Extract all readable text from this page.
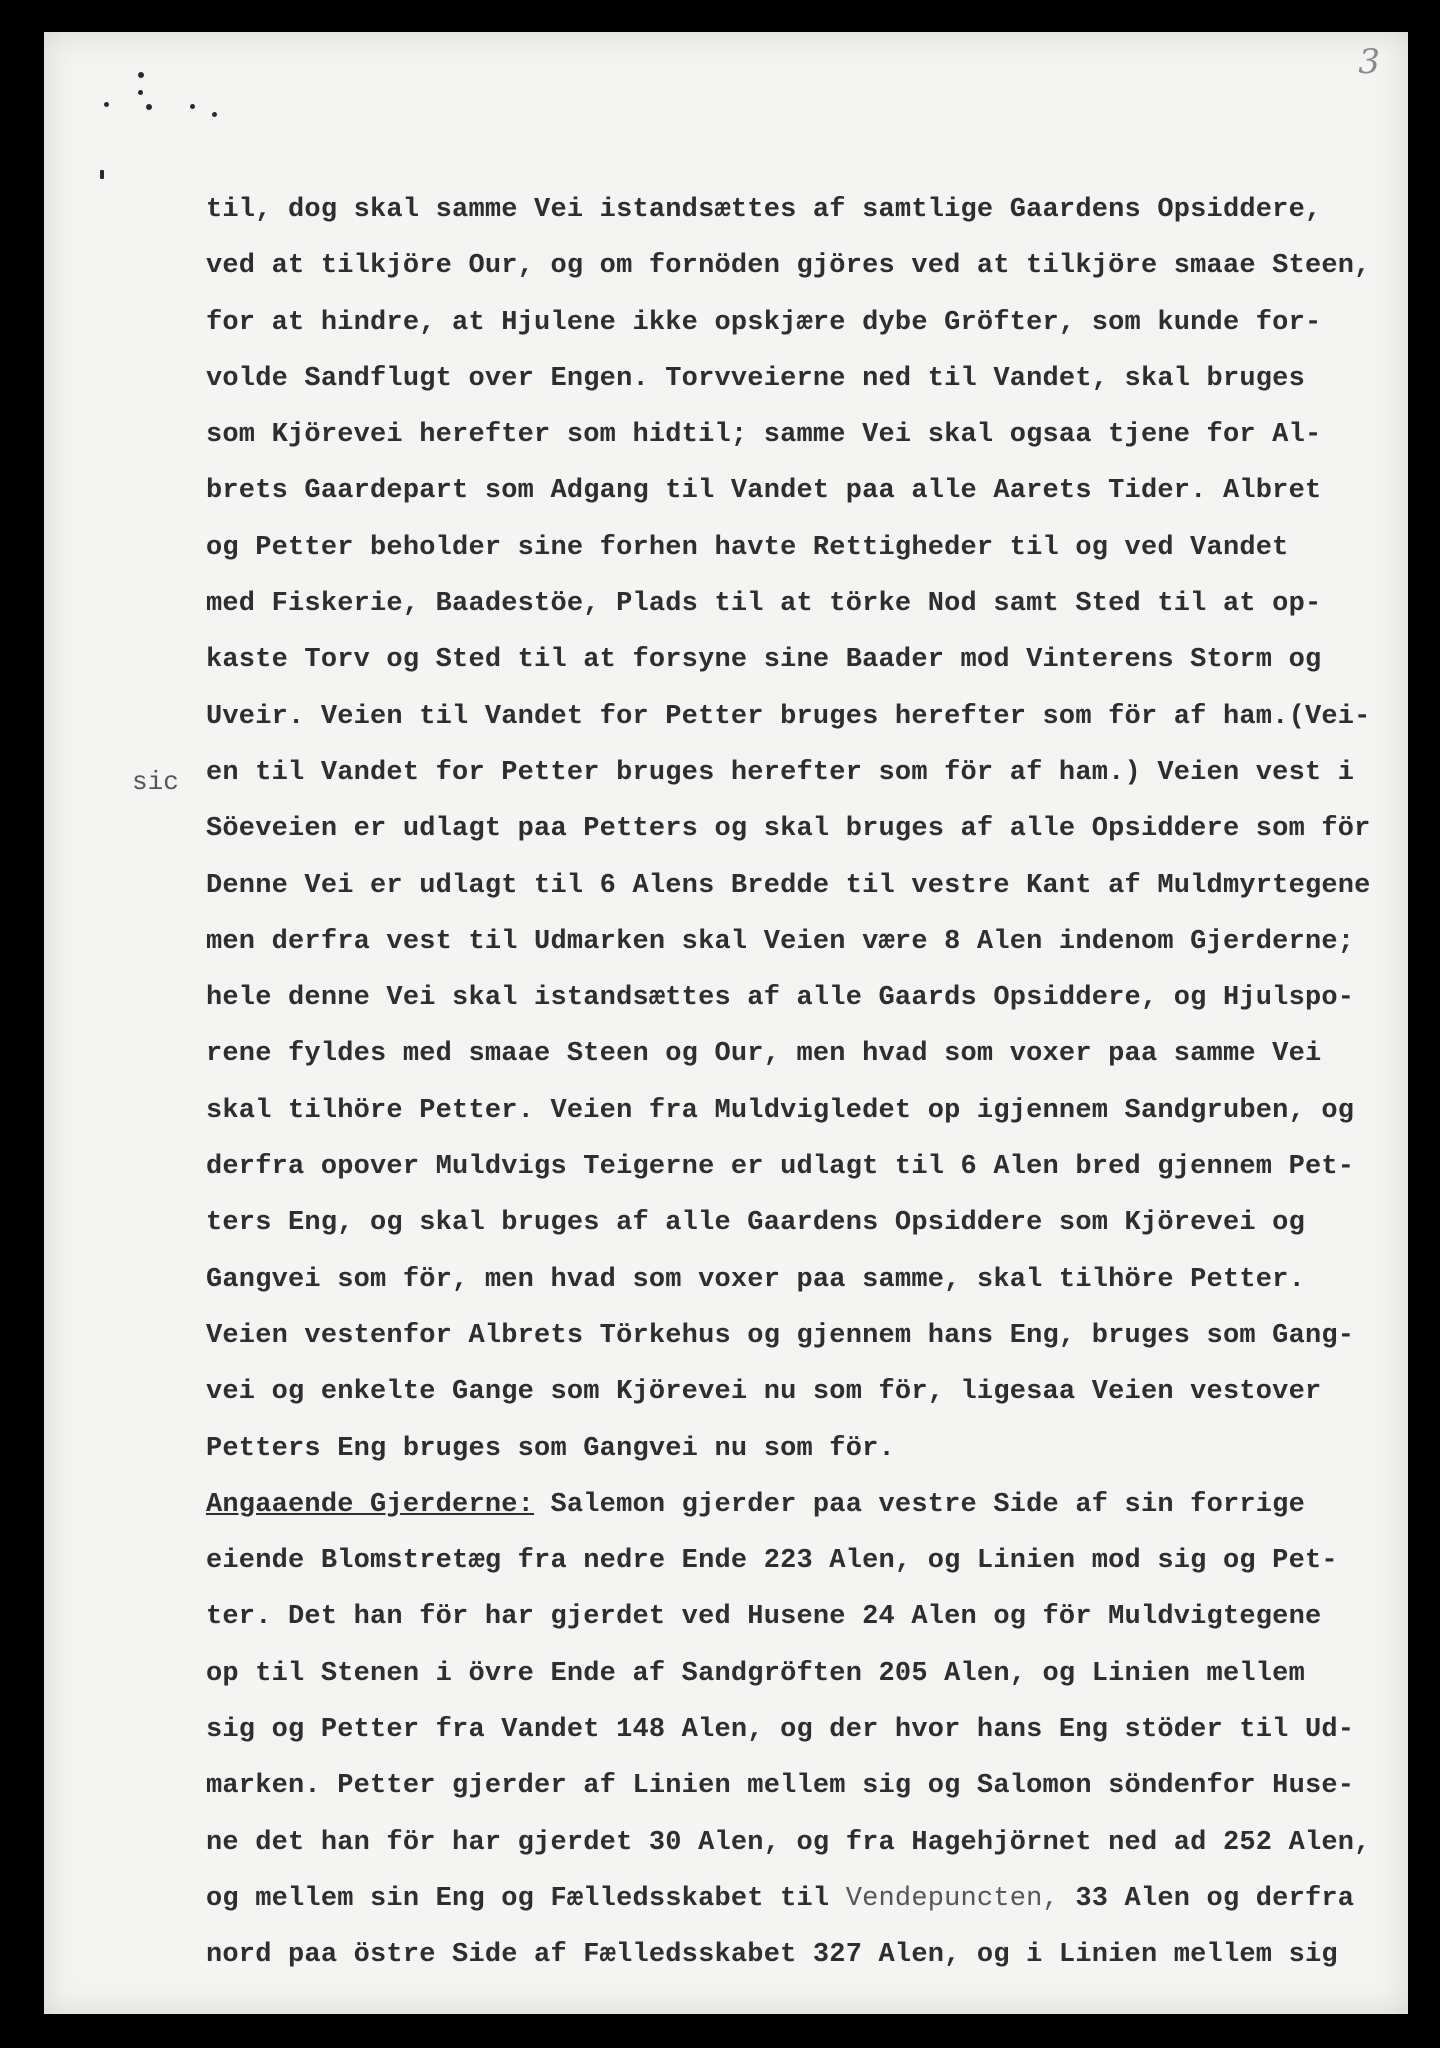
3
sic
til, dog skal samme Vei istandsættes af samtlige Gaardens Opsiddere,
ved at tilkjöre Our, og om fornöden gjöres ved at tilkjöre smaae Steen,
for at hindre, at Hjulene ikke opskjære dybe Gröfter, som kunde for-
volde Sandflugt over Engen. Torvveierne ned til Vandet, skal bruges
som Kjörevei herefter som hidtil; samme Vei skal ogsaa tjene for Al-
brets Gaardepart som Adgang til Vandet paa alle Aarets Tider. Albret
og Petter beholder sine forhen havte Rettigheder til og ved Vandet
med Fiskerie, Baadestöe, Plads til at törke Nod samt Sted til at op-
kaste Torv og Sted til at forsyne sine Baader mod Vinterens Storm og
Uveir. Veien til Vandet for Petter bruges herefter som för af ham.(Vei-
en til Vandet for Petter bruges herefter som för af ham.) Veien vest i
Söeveien er udlagt paa Petters og skal bruges af alle Opsiddere som för
Denne Vei er udlagt til 6 Alens Bredde til vestre Kant af Muldmyrtegene
men derfra vest til Udmarken skal Veien være 8 Alen indenom Gjerderne;
hele denne Vei skal istandsættes af alle Gaards Opsiddere, og Hjulspo-
rene fyldes med smaae Steen og Our, men hvad som voxer paa samme Vei
skal tilhöre Petter. Veien fra Muldvigledet op igjennem Sandgruben, og
derfra opover Muldvigs Teigerne er udlagt til 6 Alen bred gjennem Pet-
ters Eng, og skal bruges af alle Gaardens Opsiddere som Kjörevei og
Gangvei som för, men hvad som voxer paa samme, skal tilhöre Petter.
Veien vestenfor Albrets Törkehus og gjennem hans Eng, bruges som Gang-
vei og enkelte Gange som Kjörevei nu som för, ligesaa Veien vestover
Petters Eng bruges som Gangvei nu som för.
Angaaende Gjerderne: Salemon gjerder paa vestre Side af sin forrige
eiende Blomstretæg fra nedre Ende 223 Alen, og Linien mod sig og Pet-
ter. Det han för har gjerdet ved Husene 24 Alen og för Muldvigtegene
op til Stenen i övre Ende af Sandgröften 205 Alen, og Linien mellem
sig og Petter fra Vandet 148 Alen, og der hvor hans Eng stöder til Ud-
marken. Petter gjerder af Linien mellem sig og Salomon söndenfor Huse-
ne det han för har gjerdet 30 Alen, og fra Hagehjörnet ned ad 252 Alen,
og mellem sin Eng og Fælledsskabet til Vendepuncten, 33 Alen og derfra
nord paa östre Side af Fælledsskabet 327 Alen, og i Linien mellem sig
